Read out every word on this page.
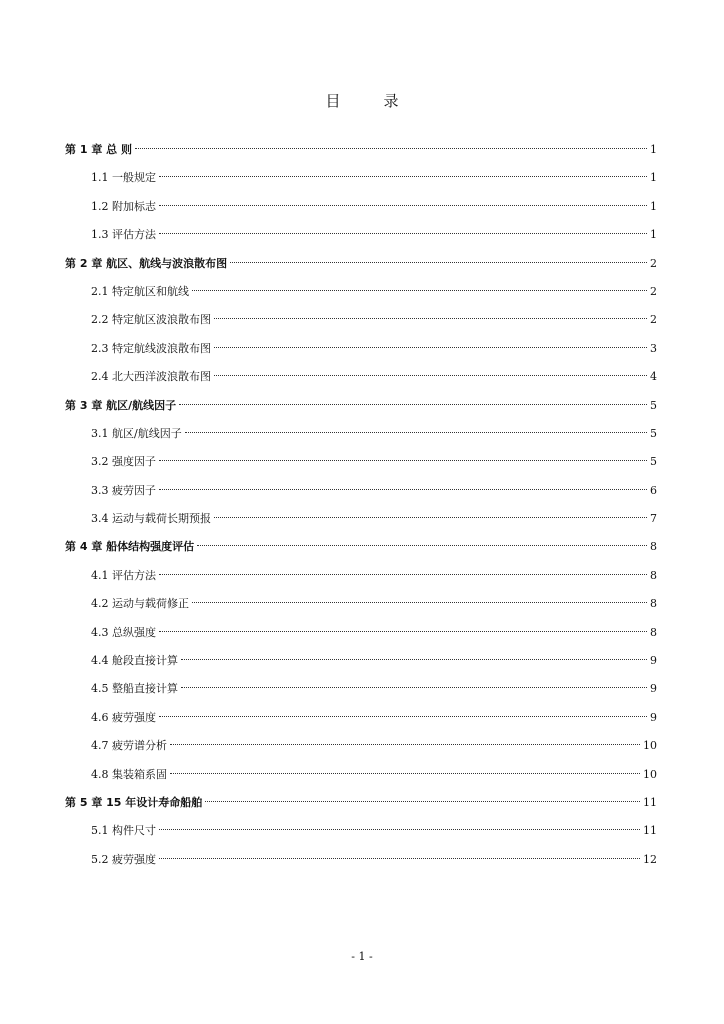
目　录
第 1 章 总 则	1
1.1 一般规定	1
1.2 附加标志	1
1.3 评估方法	1
第 2 章 航区、航线与波浪散布图	2
2.1 特定航区和航线	2
2.2 特定航区波浪散布图	2
2.3 特定航线波浪散布图	3
2.4 北大西洋波浪散布图	4
第 3 章 航区/航线因子	5
3.1 航区/航线因子	5
3.2 强度因子	5
3.3 疲劳因子	6
3.4 运动与载荷长期预报	7
第 4 章 船体结构强度评估	8
4.1 评估方法	8
4.2 运动与载荷修正	8
4.3 总纵强度	8
4.4 舱段直接计算	9
4.5 整船直接计算	9
4.6 疲劳强度	9
4.7 疲劳谱分析	10
4.8 集装箱系固	10
第 5 章 15 年设计寿命船舶	11
5.1 构件尺寸	11
5.2 疲劳强度	12
- 1 -
